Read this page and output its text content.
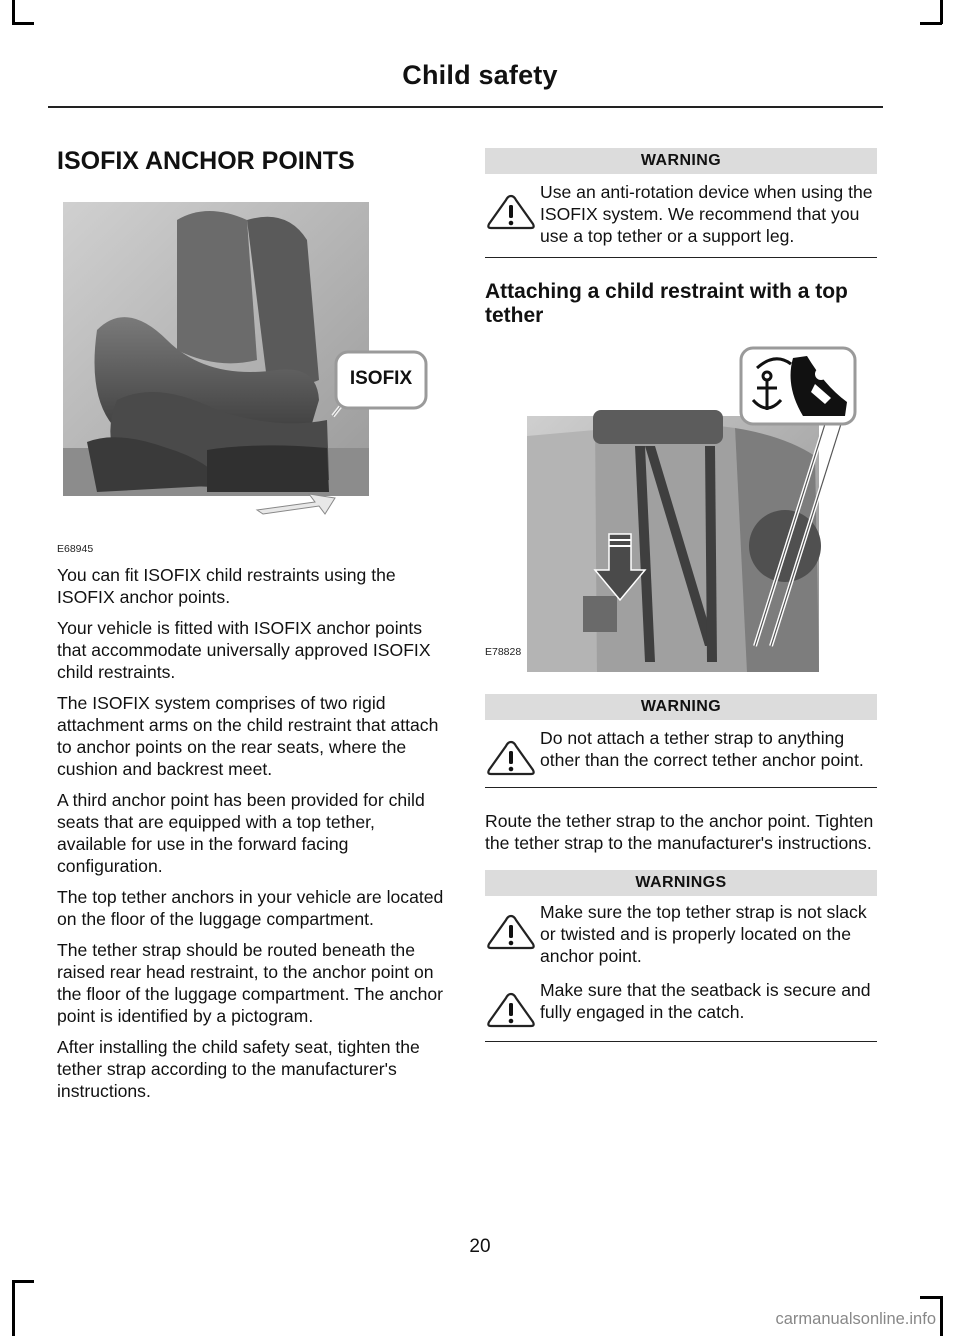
Child safety
ISOFIX ANCHOR POINTS
ISOFIX
E68945

You can fit ISOFIX child restraints using the ISOFIX anchor points.

Your vehicle is fitted with ISOFIX anchor points that accommodate universally approved ISOFIX child restraints.

The ISOFIX system comprises of two rigid attachment arms on the child restraint that attach to anchor points on the rear seats, where the cushion and backrest meet.

A third anchor point has been provided for child seats that are equipped with a top tether, available for use in the forward facing configuration.

The top tether anchors in your vehicle are located on the floor of the luggage compartment.

The tether strap should be routed beneath the raised rear head restraint, to the anchor point on the floor of the luggage compartment. The anchor point is identified by a pictogram.

After installing the child safety seat, tighten the tether strap according to the manufacturer's instructions.

WARNING
Use an anti-rotation device when using the ISOFIX system. We recommend that you use a top tether or a support leg.
Attaching a child restraint with a top tether
E78828
WARNING
Do not attach a tether strap to anything other than the correct tether anchor point.

Route the tether strap to the anchor point. Tighten the tether strap to the manufacturer's instructions.

WARNINGS
Make sure the top tether strap is not slack or twisted and is properly located on the anchor point.
Make sure that the seatback is secure and fully engaged in the catch.
20
carmanualsonline.info
